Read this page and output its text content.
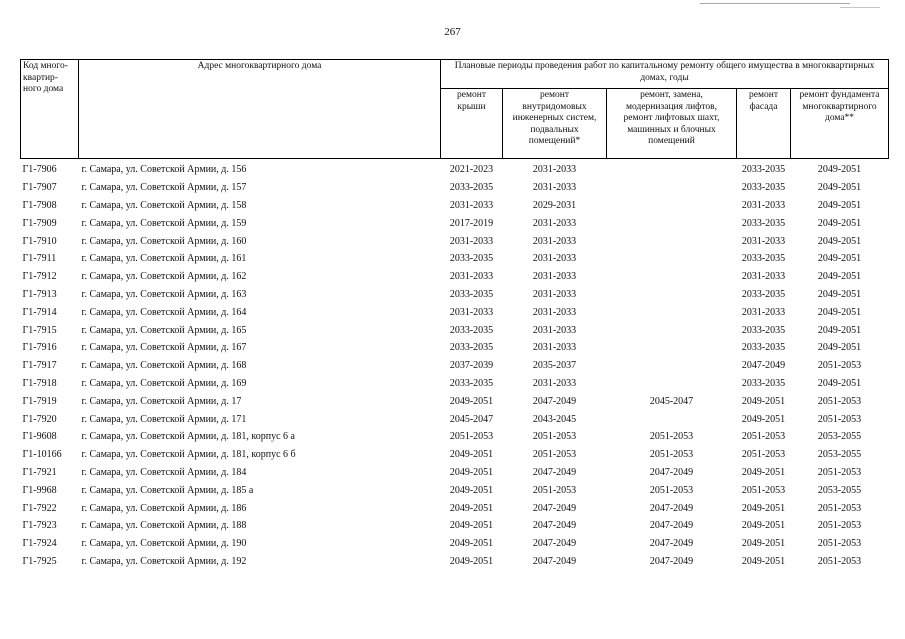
267
Код много-
квартир-
ного дома	Адрес многоквартирного дома	Плановые периоды проведения работ по капитальному ремонту общего имущества в многоквартирных домах, годы				
		ремонт
крыши	ремонт
внутридомовых
инженерных систем,
подвальных
помещений*	ремонт, замена,
модернизация лифтов,
ремонт лифтовых шахт,
машинных и блочных
помещений	ремонт
фасада	ремонт фундамента
многоквартирного
дома**
Г1-7906	г. Самара, ул. Советской Армии, д. 156	2021-2023	2031-2033		2033-2035	2049-2051
Г1-7907	г. Самара, ул. Советской Армии, д. 157	2033-2035	2031-2033		2033-2035	2049-2051
Г1-7908	г. Самара, ул. Советской Армии, д. 158	2031-2033	2029-2031		2031-2033	2049-2051
Г1-7909	г. Самара, ул. Советской Армии, д. 159	2017-2019	2031-2033		2033-2035	2049-2051
Г1-7910	г. Самара, ул. Советской Армии, д. 160	2031-2033	2031-2033		2031-2033	2049-2051
Г1-7911	г. Самара, ул. Советской Армии, д. 161	2033-2035	2031-2033		2033-2035	2049-2051
Г1-7912	г. Самара, ул. Советской Армии, д. 162	2031-2033	2031-2033		2031-2033	2049-2051
Г1-7913	г. Самара, ул. Советской Армии, д. 163	2033-2035	2031-2033		2033-2035	2049-2051
Г1-7914	г. Самара, ул. Советской Армии, д. 164	2031-2033	2031-2033		2031-2033	2049-2051
Г1-7915	г. Самара, ул. Советской Армии, д. 165	2033-2035	2031-2033		2033-2035	2049-2051
Г1-7916	г. Самара, ул. Советской Армии, д. 167	2033-2035	2031-2033		2033-2035	2049-2051
Г1-7917	г. Самара, ул. Советской Армии, д. 168	2037-2039	2035-2037		2047-2049	2051-2053
Г1-7918	г. Самара, ул. Советской Армии, д. 169	2033-2035	2031-2033		2033-2035	2049-2051
Г1-7919	г. Самара, ул. Советской Армии, д. 17	2049-2051	2047-2049	2045-2047	2049-2051	2051-2053
Г1-7920	г. Самара, ул. Советской Армии, д. 171	2045-2047	2043-2045		2049-2051	2051-2053
Г1-9608	г. Самара, ул. Советской Армии, д. 181, корпус 6 а	2051-2053	2051-2053	2051-2053	2051-2053	2053-2055
Г1-10166	г. Самара, ул. Советской Армии, д. 181, корпус 6 б	2049-2051	2051-2053	2051-2053	2051-2053	2053-2055
Г1-7921	г. Самара, ул. Советской Армии, д. 184	2049-2051	2047-2049	2047-2049	2049-2051	2051-2053
Г1-9968	г. Самара, ул. Советской Армии, д. 185 а	2049-2051	2051-2053	2051-2053	2051-2053	2053-2055
Г1-7922	г. Самара, ул. Советской Армии, д. 186	2049-2051	2047-2049	2047-2049	2049-2051	2051-2053
Г1-7923	г. Самара, ул. Советской Армии, д. 188	2049-2051	2047-2049	2047-2049	2049-2051	2051-2053
Г1-7924	г. Самара, ул. Советской Армии, д. 190	2049-2051	2047-2049	2047-2049	2049-2051	2051-2053
Г1-7925	г. Самара, ул. Советской Армии, д. 192	2049-2051	2047-2049	2047-2049	2049-2051	2051-2053
